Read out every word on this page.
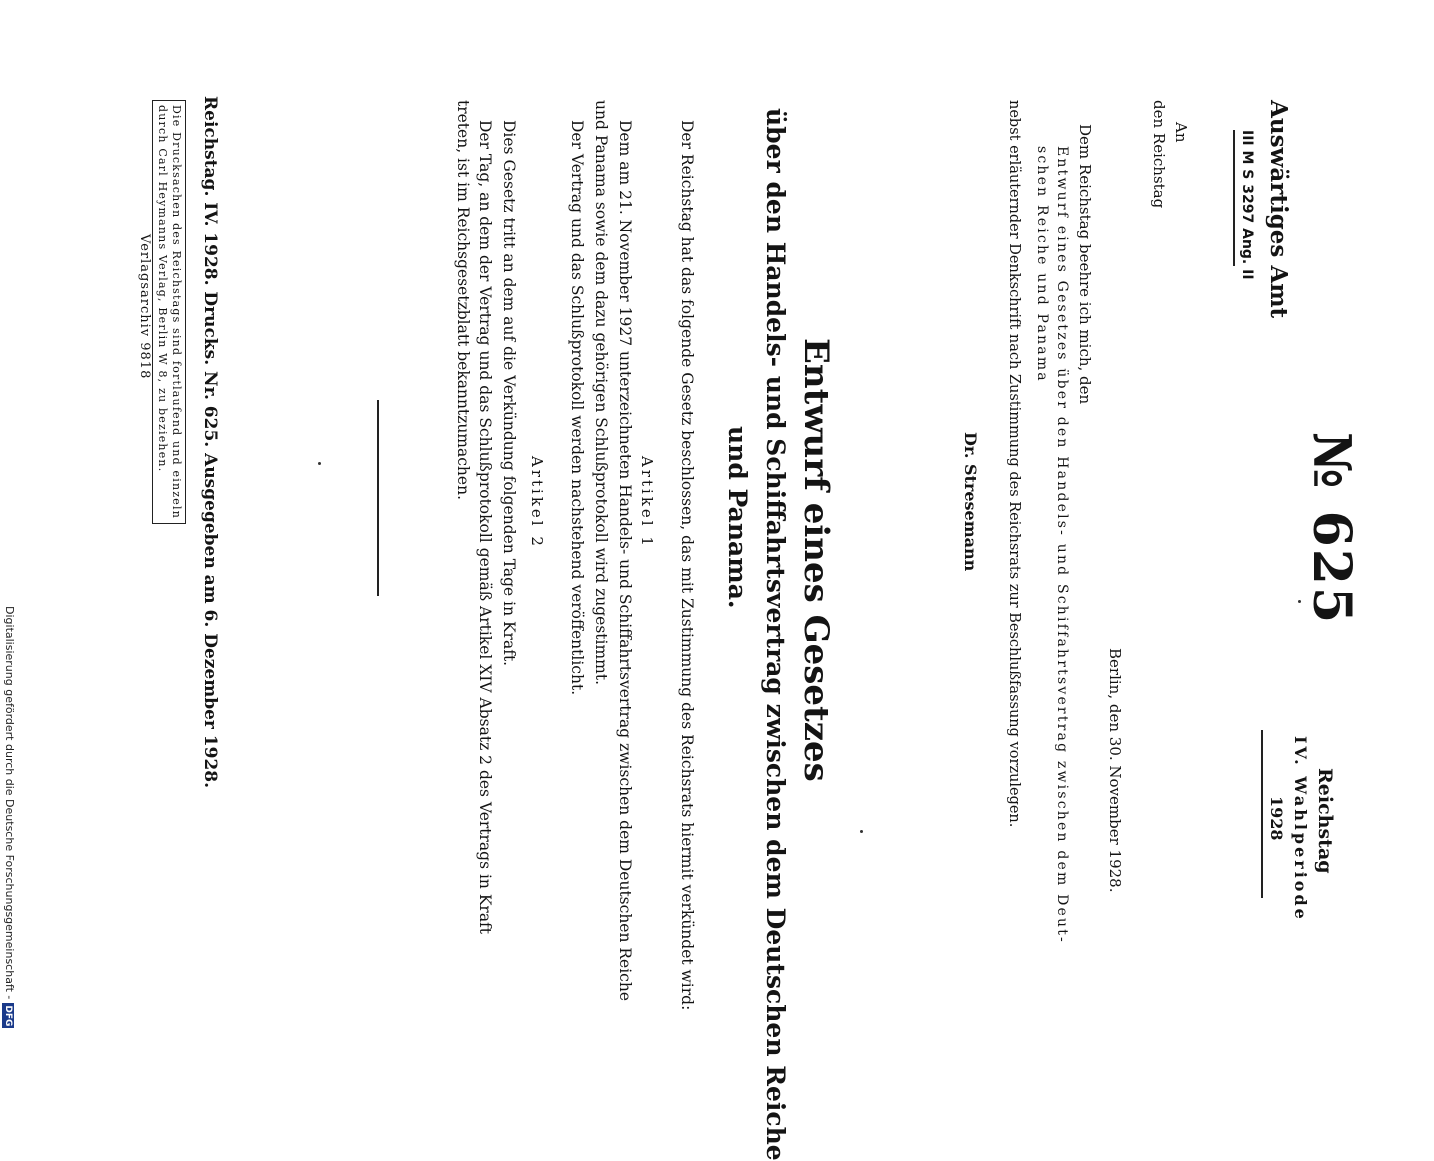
№ 625
Reichstag
IV. Wahlperiode
1928
Auswärtiges Amt
III M S 3297 Ang. II
An
den Reichstag
Berlin, den 30. November 1928.
Dem Reichstag beehre ich mich, den
Entwurf eines Gesetzes über den Handels- und Schiffahrtsvertrag zwischen dem Deut-
schen Reiche und Panama
nebst erläuternder Denkschrift nach Zustimmung des Reichsrats zur Beschlußfassung vorzulegen.
Dr. Stresemann
Entwurf eines Gesetzes
über den Handels- und Schiffahrtsvertrag zwischen dem Deutschen Reiche
und Panama.
Der Reichstag hat das folgende Gesetz beschlossen, das mit Zustimmung des Reichsrats hiermit verkündet wird:
Artikel 1
Dem am 21. November 1927 unterzeichneten Handels- und Schiffahrtsvertrag zwischen dem Deutschen Reiche
und Panama sowie dem dazu gehörigen Schlußprotokoll wird zugestimmt.
Der Vertrag und das Schlußprotokoll werden nachstehend veröffentlicht.
Artikel 2
Dies Gesetz tritt an dem auf die Verkündung folgenden Tage in Kraft.
Der Tag, an dem der Vertrag und das Schlußprotokoll gemäß Artikel XIV Absatz 2 des Vertrags in Kraft
treten, ist im Reichsgesetzblatt bekanntzumachen.
Reichstag. IV. 1928. Drucks. Nr. 625. Ausgegeben am 6. Dezember 1928.
Die Drucksachen des Reichstags sind fortlaufend und einzeln
durch Carl Heymanns Verlag, Berlin W 8, zu beziehen.
Verlagsarchiv 9818
Digitalisierung gefördert durch die Deutsche Forschungsgemeinschaft -DFG
